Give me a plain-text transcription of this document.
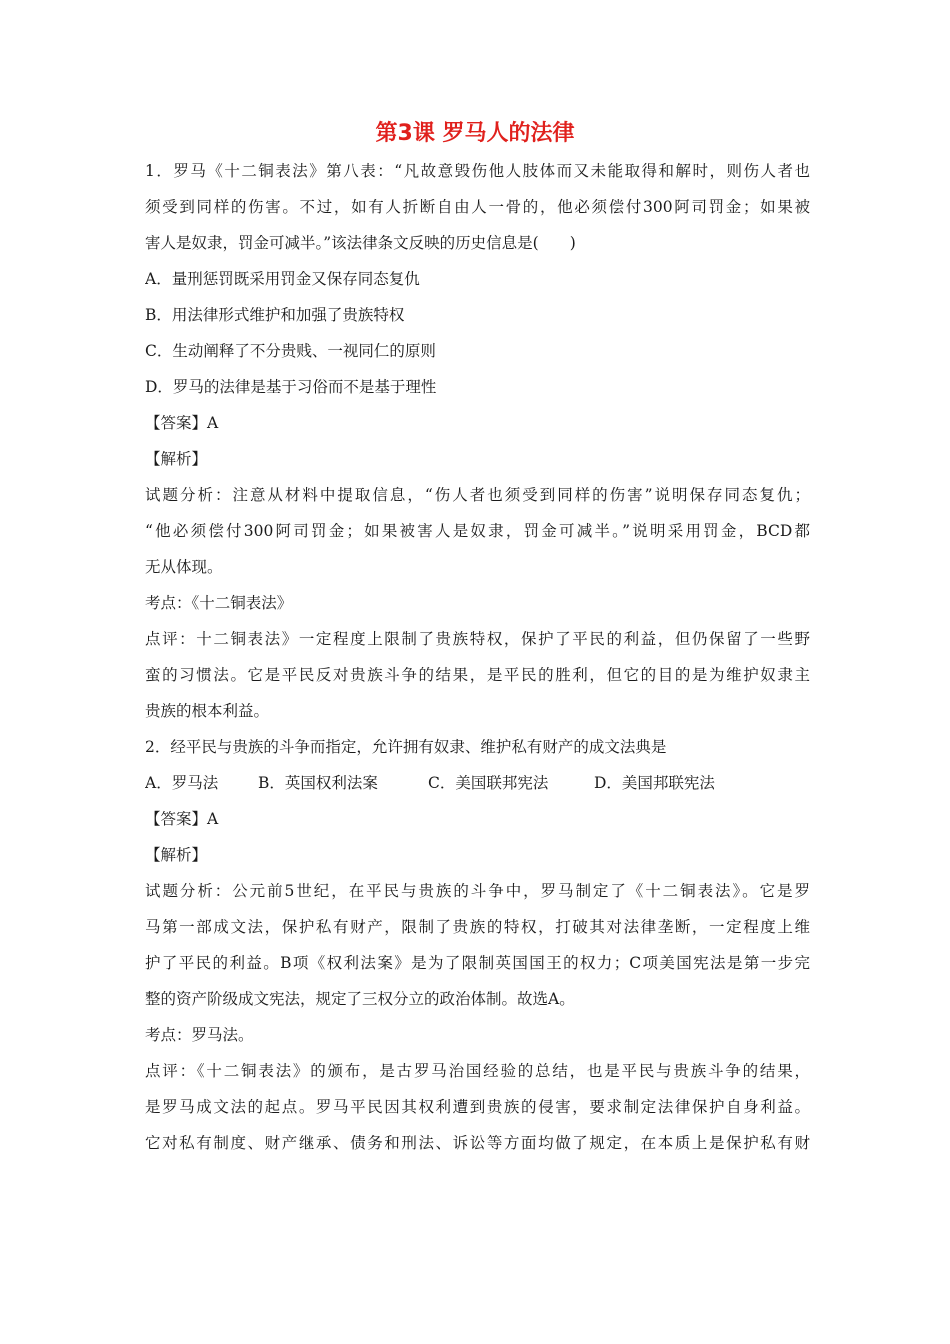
第3课 罗马人的法律
1．罗马《十二铜表法》第八表：“凡故意毁伤他人肢体而又未能取得和解时，则伤人者也
须受到同样的伤害。不过，如有人折断自由人一骨的，他必须偿付300阿司罚金；如果被
害人是奴隶，罚金可减半。”该法律条文反映的历史信息是(　　)
A．量刑惩罚既采用罚金又保存同态复仇
B．用法律形式维护和加强了贵族特权
C．生动阐释了不分贵贱、一视同仁的原则
D．罗马的法律是基于习俗而不是基于理性
【答案】A
【解析】
试题分析：注意从材料中提取信息，“伤人者也须受到同样的伤害”说明保存同态复仇；
“他必须偿付300阿司罚金；如果被害人是奴隶，罚金可减半。”说明采用罚金，BCD都
无从体现。
考点：《十二铜表法》
点评：十二铜表法》一定程度上限制了贵族特权，保护了平民的利益，但仍保留了一些野
蛮的习惯法。它是平民反对贵族斗争的结果，是平民的胜利，但它的目的是为维护奴隶主
贵族的根本利益。
2．经平民与贵族的斗争而指定，允许拥有奴隶、维护私有财产的成文法典是
A．罗马法	B．英国权利法案	C．美国联邦宪法	D．美国邦联宪法
【答案】A
【解析】
试题分析：公元前5世纪，在平民与贵族的斗争中，罗马制定了《十二铜表法》。它是罗
马第一部成文法，保护私有财产，限制了贵族的特权，打破其对法律垄断，一定程度上维
护了平民的利益。B项《权利法案》是为了限制英国国王的权力；C项美国宪法是第一步完
整的资产阶级成文宪法，规定了三权分立的政治体制。故选A。
考点：罗马法。
点评：《十二铜表法》的颁布，是古罗马治国经验的总结，也是平民与贵族斗争的结果，
是罗马成文法的起点。罗马平民因其权利遭到贵族的侵害，要求制定法律保护自身利益。
它对私有制度、财产继承、债务和刑法、诉讼等方面均做了规定，在本质上是保护私有财
